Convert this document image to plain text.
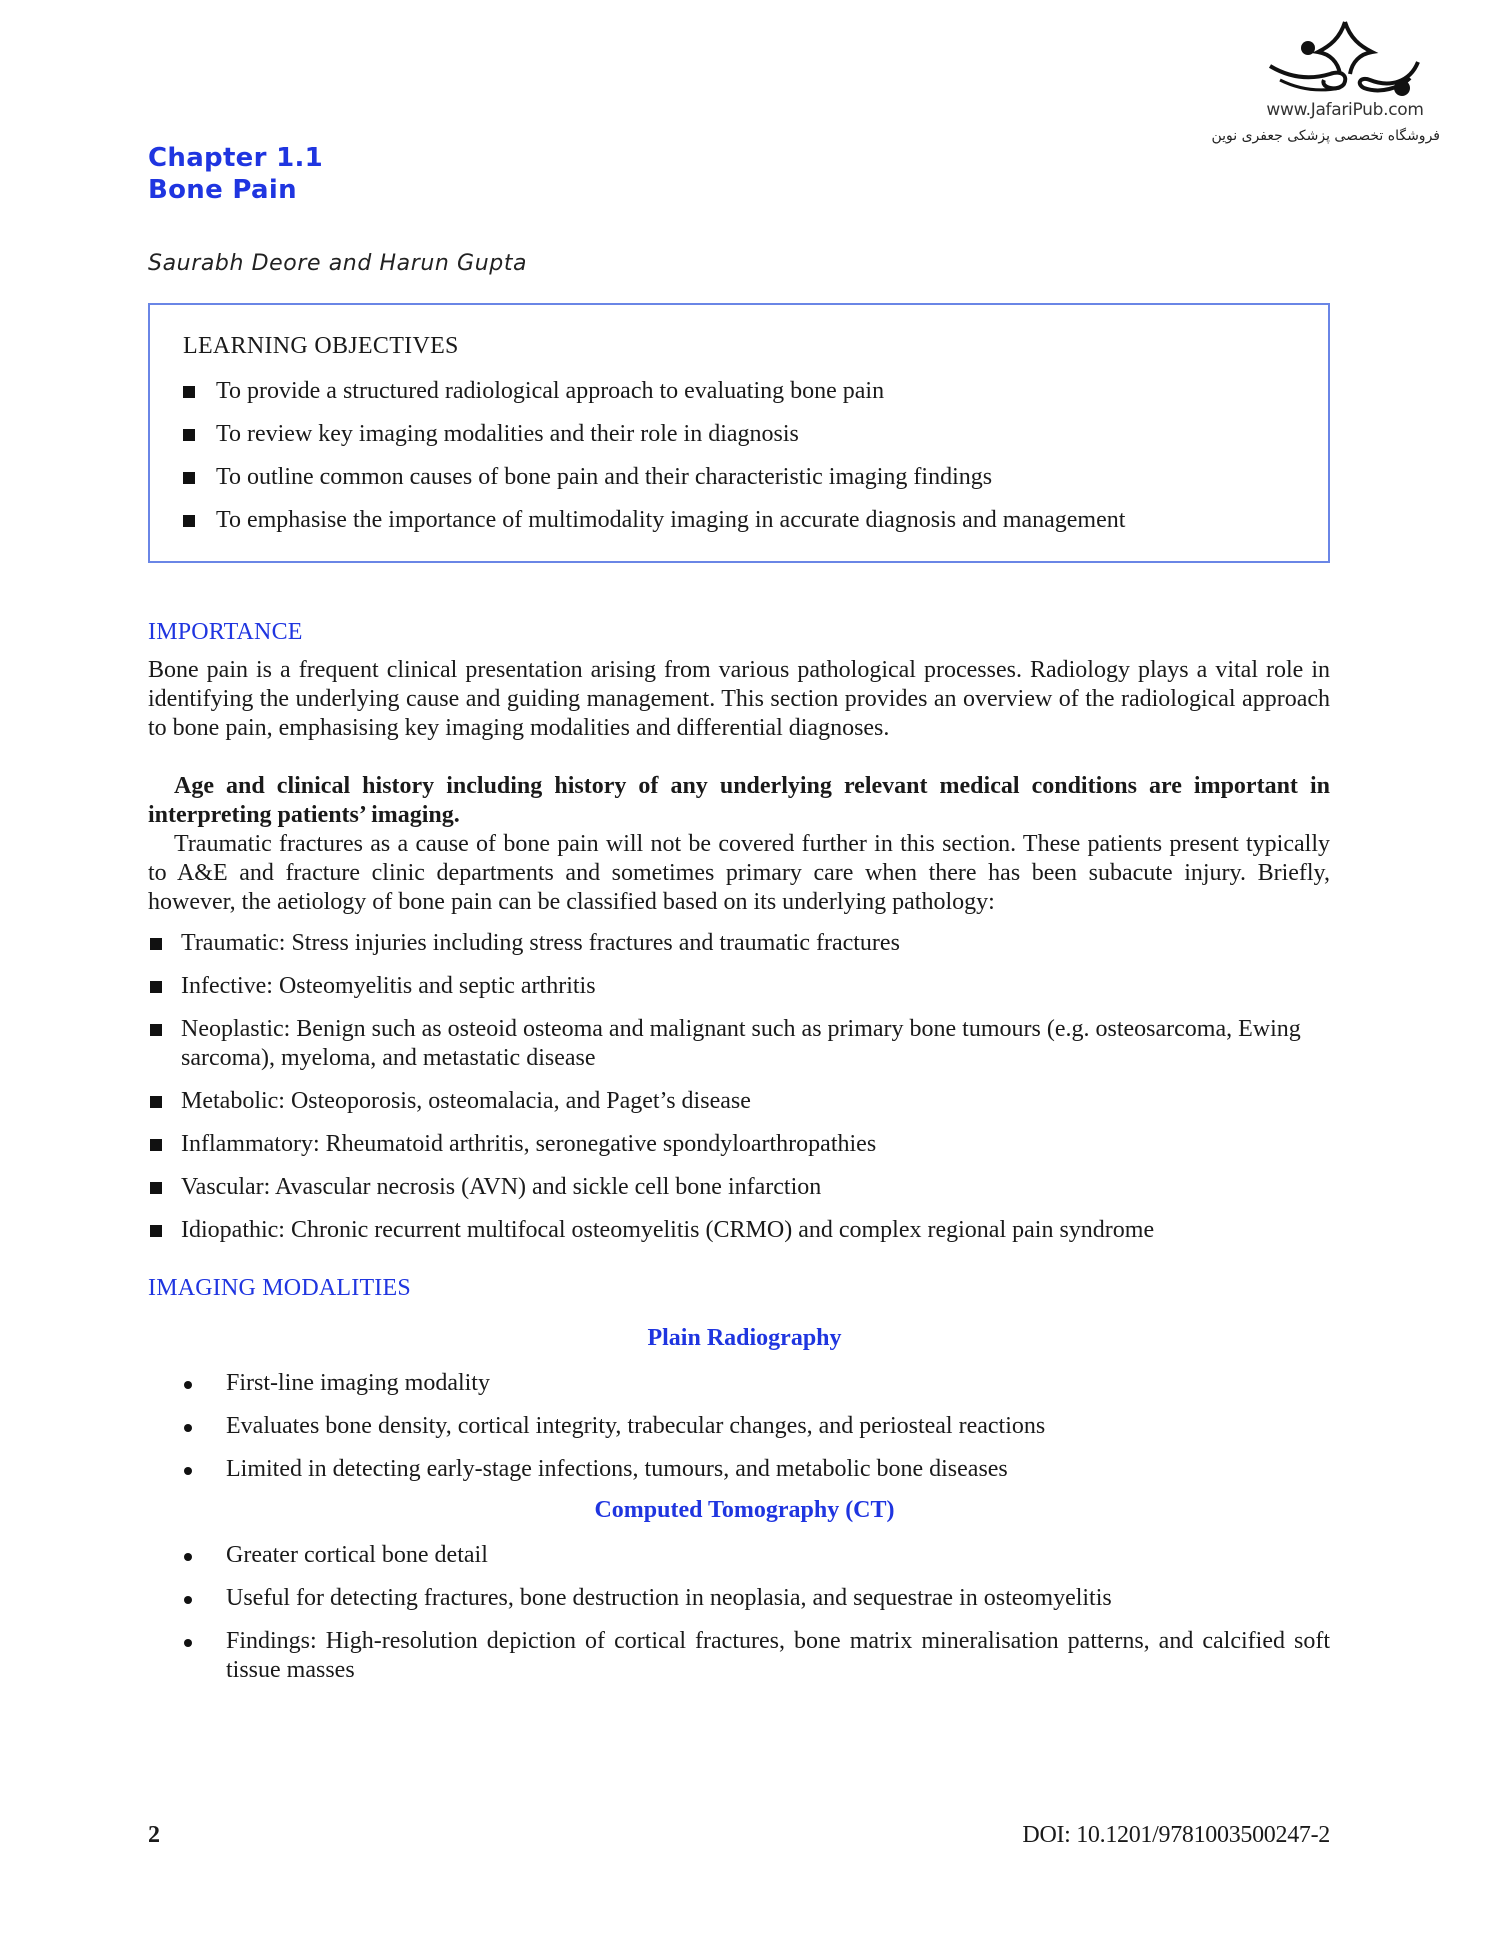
www.JafariPub.com
فروشگاه تخصصی پزشکی جعفری نوین
Chapter 1.1
Bone Pain
Saurabh Deore and Harun Gupta
LEARNING OBJECTIVES
To provide a structured radiological approach to evaluating bone pain
To review key imaging modalities and their role in diagnosis
To outline common causes of bone pain and their characteristic imaging findings
To emphasise the importance of multimodality imaging in accurate diagnosis and management
IMPORTANCE

Bone pain is a frequent clinical presentation arising from various pathological processes. Radiology plays a vital role in identifying the underlying cause and guiding management. This section provides an overview of the radiological approach to bone pain, emphasising key imaging modalities and differential diagnoses.

Age and clinical history including history of any underlying relevant medical conditions are important in interpreting patients’ imaging.

Traumatic fractures as a cause of bone pain will not be covered further in this section. These patients present typically to A&E and fracture clinic departments and sometimes primary care when there has been subacute injury. Briefly, however, the aetiology of bone pain can be classified based on its underlying pathology:

Traumatic: Stress injuries including stress fractures and traumatic fractures
Infective: Osteomyelitis and septic arthritis
Neoplastic: Benign such as osteoid osteoma and malignant such as primary bone tumours (e.g. osteosarcoma, Ewing sarcoma), myeloma, and metastatic disease
Metabolic: Osteoporosis, osteomalacia, and Paget’s disease
Inflammatory: Rheumatoid arthritis, seronegative spondyloarthropathies
Vascular: Avascular necrosis (AVN) and sickle cell bone infarction
Idiopathic: Chronic recurrent multifocal osteomyelitis (CRMO) and complex regional pain syndrome
IMAGING MODALITIES
Plain Radiography
First-line imaging modality
Evaluates bone density, cortical integrity, trabecular changes, and periosteal reactions
Limited in detecting early-stage infections, tumours, and metabolic bone diseases
Computed Tomography (CT)
Greater cortical bone detail
Useful for detecting fractures, bone destruction in neoplasia, and sequestrae in osteomyelitis
Findings: High-resolution depiction of cortical fractures, bone matrix mineralisation patterns, and calcified soft tissue masses
2	DOI: 10.1201/9781003500247-2
